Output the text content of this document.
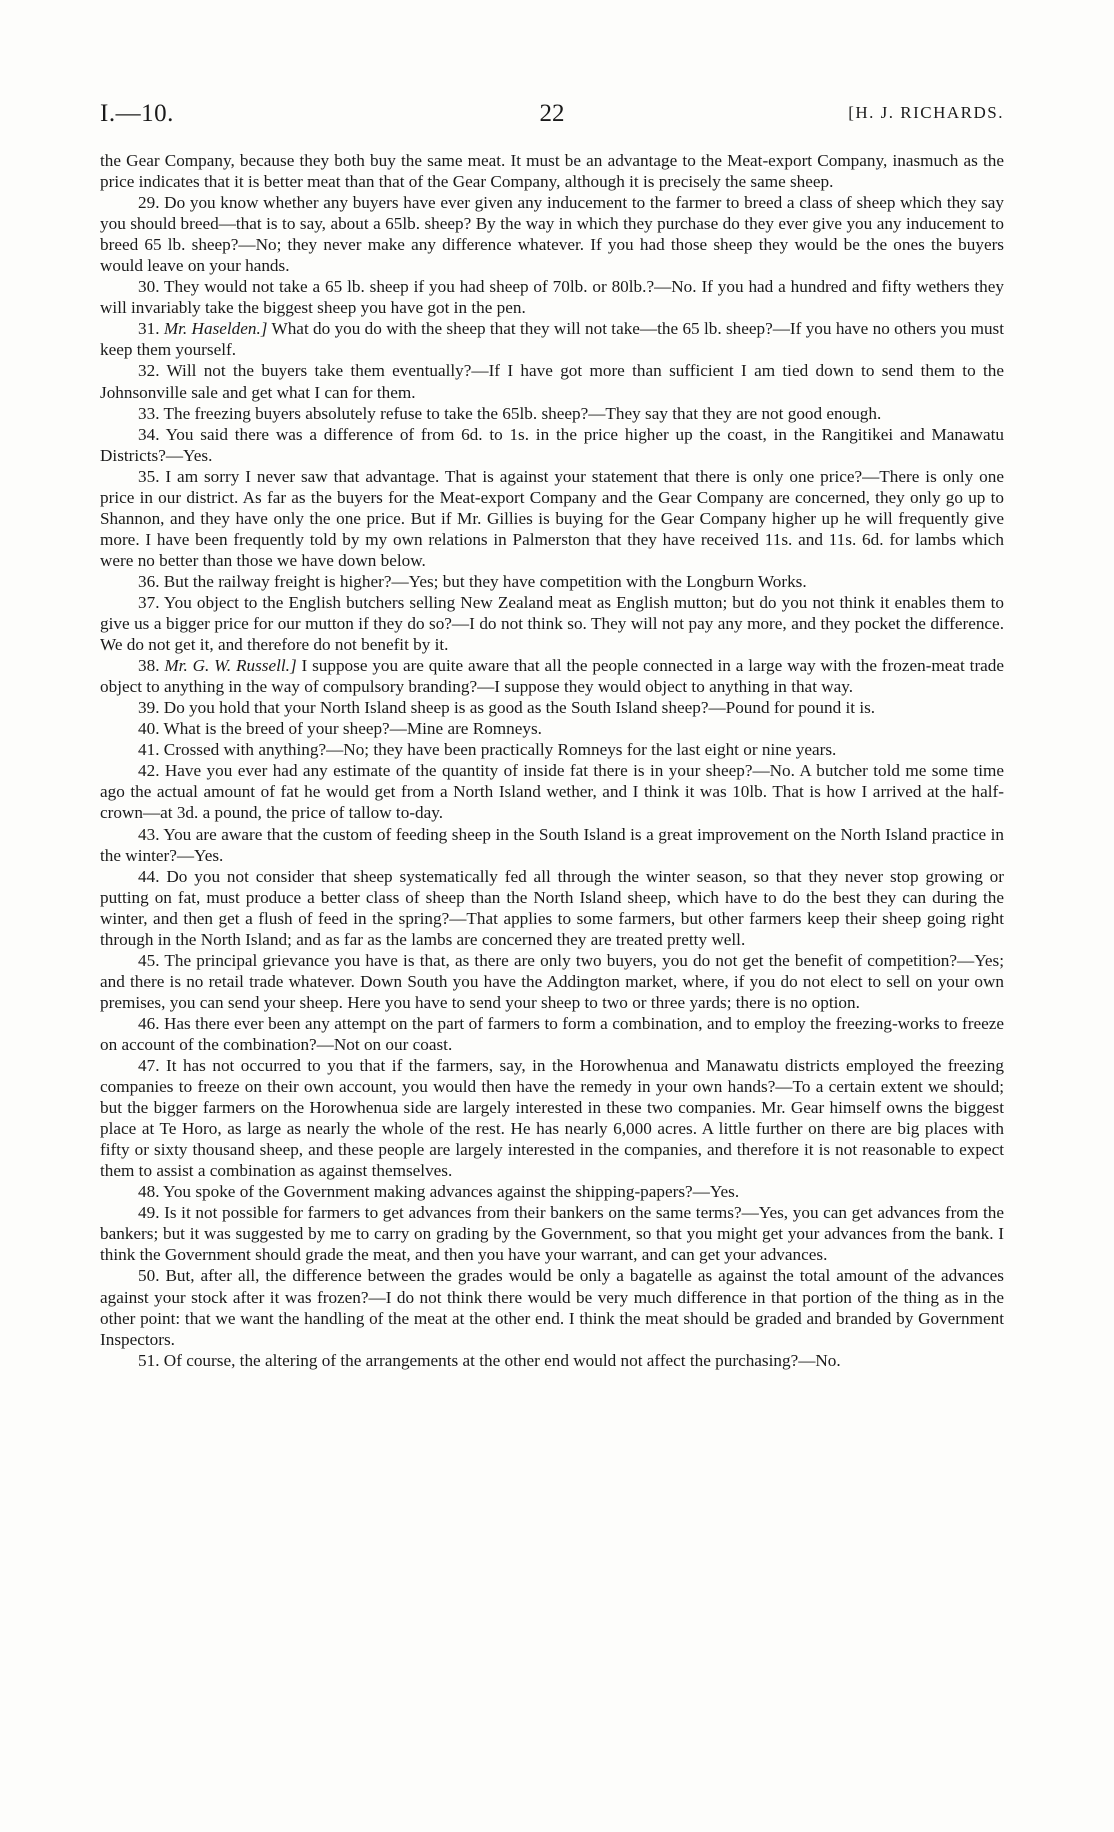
I.—10.	22	[H. J. RICHARDS.

the Gear Company, because they both buy the same meat. It must be an advantage to the Meat-export Company, inasmuch as the price indicates that it is better meat than that of the Gear Company, although it is precisely the same sheep.

29. Do you know whether any buyers have ever given any inducement to the farmer to breed a class of sheep which they say you should breed—that is to say, about a 65lb. sheep? By the way in which they purchase do they ever give you any inducement to breed 65 lb. sheep?—No; they never make any difference whatever. If you had those sheep they would be the ones the buyers would leave on your hands.

30. They would not take a 65 lb. sheep if you had sheep of 70lb. or 80lb.?—No. If you had a hundred and fifty wethers they will invariably take the biggest sheep you have got in the pen.

31. Mr. Haselden.] What do you do with the sheep that they will not take—the 65 lb. sheep?—If you have no others you must keep them yourself.

32. Will not the buyers take them eventually?—If I have got more than sufficient I am tied down to send them to the Johnsonville sale and get what I can for them.

33. The freezing buyers absolutely refuse to take the 65lb. sheep?—They say that they are not good enough.

34. You said there was a difference of from 6d. to 1s. in the price higher up the coast, in the Rangitikei and Manawatu Districts?—Yes.

35. I am sorry I never saw that advantage. That is against your statement that there is only one price?—There is only one price in our district. As far as the buyers for the Meat-export Company and the Gear Company are concerned, they only go up to Shannon, and they have only the one price. But if Mr. Gillies is buying for the Gear Company higher up he will frequently give more. I have been frequently told by my own relations in Palmerston that they have received 11s. and 11s. 6d. for lambs which were no better than those we have down below.

36. But the railway freight is higher?—Yes; but they have competition with the Longburn Works.

37. You object to the English butchers selling New Zealand meat as English mutton; but do you not think it enables them to give us a bigger price for our mutton if they do so?—I do not think so. They will not pay any more, and they pocket the difference. We do not get it, and therefore do not benefit by it.

38. Mr. G. W. Russell.] I suppose you are quite aware that all the people connected in a large way with the frozen-meat trade object to anything in the way of compulsory branding?—I suppose they would object to anything in that way.

39. Do you hold that your North Island sheep is as good as the South Island sheep?—Pound for pound it is.

40. What is the breed of your sheep?—Mine are Romneys.

41. Crossed with anything?—No; they have been practically Romneys for the last eight or nine years.

42. Have you ever had any estimate of the quantity of inside fat there is in your sheep?—No. A butcher told me some time ago the actual amount of fat he would get from a North Island wether, and I think it was 10lb. That is how I arrived at the half-crown—at 3d. a pound, the price of tallow to-day.

43. You are aware that the custom of feeding sheep in the South Island is a great improvement on the North Island practice in the winter?—Yes.

44. Do you not consider that sheep systematically fed all through the winter season, so that they never stop growing or putting on fat, must produce a better class of sheep than the North Island sheep, which have to do the best they can during the winter, and then get a flush of feed in the spring?—That applies to some farmers, but other farmers keep their sheep going right through in the North Island; and as far as the lambs are concerned they are treated pretty well.

45. The principal grievance you have is that, as there are only two buyers, you do not get the benefit of competition?—Yes; and there is no retail trade whatever. Down South you have the Addington market, where, if you do not elect to sell on your own premises, you can send your sheep. Here you have to send your sheep to two or three yards; there is no option.

46. Has there ever been any attempt on the part of farmers to form a combination, and to employ the freezing-works to freeze on account of the combination?—Not on our coast.

47. It has not occurred to you that if the farmers, say, in the Horowhenua and Manawatu districts employed the freezing companies to freeze on their own account, you would then have the remedy in your own hands?—To a certain extent we should; but the bigger farmers on the Horowhenua side are largely interested in these two companies. Mr. Gear himself owns the biggest place at Te Horo, as large as nearly the whole of the rest. He has nearly 6,000 acres. A little further on there are big places with fifty or sixty thousand sheep, and these people are largely interested in the companies, and therefore it is not reasonable to expect them to assist a combination as against themselves.

48. You spoke of the Government making advances against the shipping-papers?—Yes.

49. Is it not possible for farmers to get advances from their bankers on the same terms?—Yes, you can get advances from the bankers; but it was suggested by me to carry on grading by the Government, so that you might get your advances from the bank. I think the Government should grade the meat, and then you have your warrant, and can get your advances.

50. But, after all, the difference between the grades would be only a bagatelle as against the total amount of the advances against your stock after it was frozen?—I do not think there would be very much difference in that portion of the thing as in the other point: that we want the handling of the meat at the other end. I think the meat should be graded and branded by Government Inspectors.

51. Of course, the altering of the arrangements at the other end would not affect the purchasing?—No.
